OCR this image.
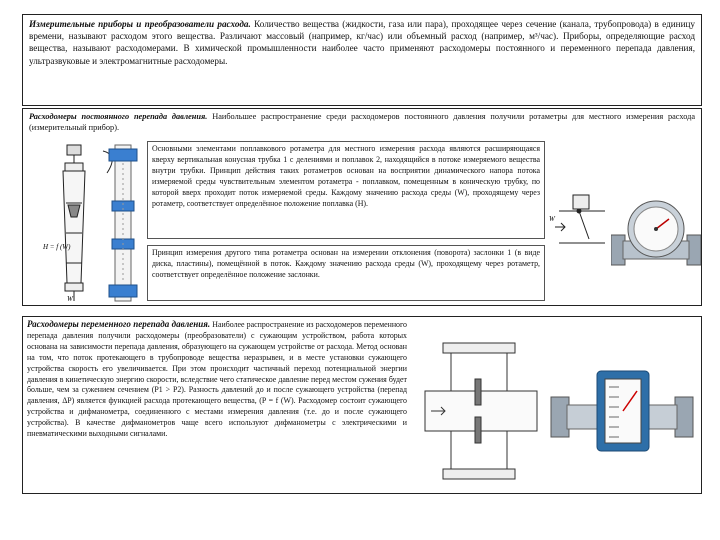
Измерительные приборы и преобразователи расхода. Количество вещества (жидкости, газа или пара), проходящее через сечение (канала, трубопровода) в единицу времени, называют расходом этого вещества. Различают массовый (например, кг/час) или объемный расход (например, м³/час). Приборы, определяющие расход вещества, называют расходомерами. В химической промышленности наиболее часто применяют расходомеры постоянного и переменного перепада давления, ультразвуковые и электромагнитные расходомеры.

Расходомеры постоянного перепада давления. Наибольшее распространение среди расходомеров постоянного давления получили ротаметры для местного измерения расхода (измерительный прибор).

H = f (W)
W

Основными элементами поплавкового ротаметра для местного измерения расхода являются расширяющаяся кверху вертикальная конусная трубка 1 с делениями и поплавок 2, находящийся в потоке измеряемого вещества внутри трубки. Принцип действия таких ротаметров основан на восприятии динамического напора потока измеряемой среды чувствительным элементом ротаметра - поплавком, помещенным в коническую трубку, по которой вверх проходит поток измеряемой среды. Каждому значению расхода среды (W), проходящему через ротаметр, соответствует определённое положение поплавка (Н).

Принцип измерения другого типа ротаметра основан на измерении отклонения (поворота) заслонки 1 (в виде диска, пластины), помещённой в поток. Каждому значению расхода среды (W), проходящему через ротаметр, соответствует определённое положение заслонки.

W

Расходомеры переменного перепада давления. Наиболее распространение из расходомеров переменного перепада давления получили расходомеры (преобразователи) с сужающим устройством, работа которых основана на зависимости перепада давления, образующего на сужающем устройстве от расхода. Метод основан на том, что поток протекающего в трубопроводе вещества неразрывен, и в месте установки сужающего устройства скорость его увеличивается. При этом происходит частичный переход потенциальной энергии давления в кинетическую энергию скорости, вследствие чего статическое давление перед местом сужения будет больше, чем за сужением сечением (P1 > P2). Разность давлений до и после сужающего устройства (перепад давления, ΔP) является функцией расхода протекающего вещества, (P = f (W). Расходомер состоит сужающего устройства и дифманометра, соединенного с местами измерения давления (т.е. до и после сужающего устройства). В качестве дифманометров чаще всего используют дифманометры с электрическими и пневматическими выходными сигналами.
